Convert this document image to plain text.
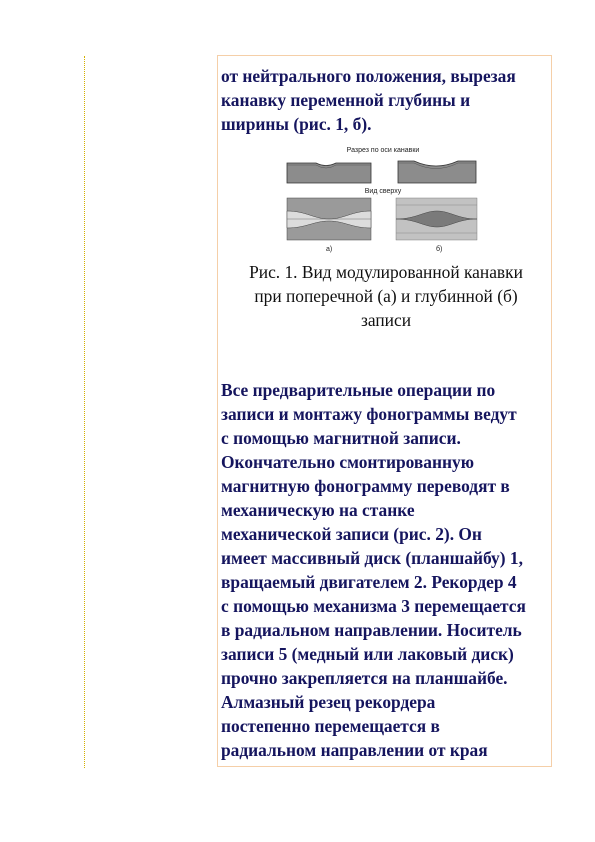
от нейтрального положения, вырезая
канавку переменной глубины и
ширины (рис. 1, б).
Разрез по оси канавки
Вид сверху
а)	б)
Рис. 1. Вид модулированной канавки
при поперечной (а) и глубинной (б)
записи
Все предварительные операции по
записи и монтажу фонограммы ведут
с помощью магнитной записи.
Окончательно смонтированную
магнитную фонограмму переводят в
механическую на станке
механической записи (рис. 2). Он
имеет массивный диск (планшайбу) 1,
вращаемый двигателем 2. Рекордер 4
с помощью механизма 3 перемещается
в радиальном направлении. Носитель
записи 5 (медный или лаковый диск)
прочно закрепляется на планшайбе.
Алмазный резец рекордера
постепенно перемещается в
радиальном направлении от края
